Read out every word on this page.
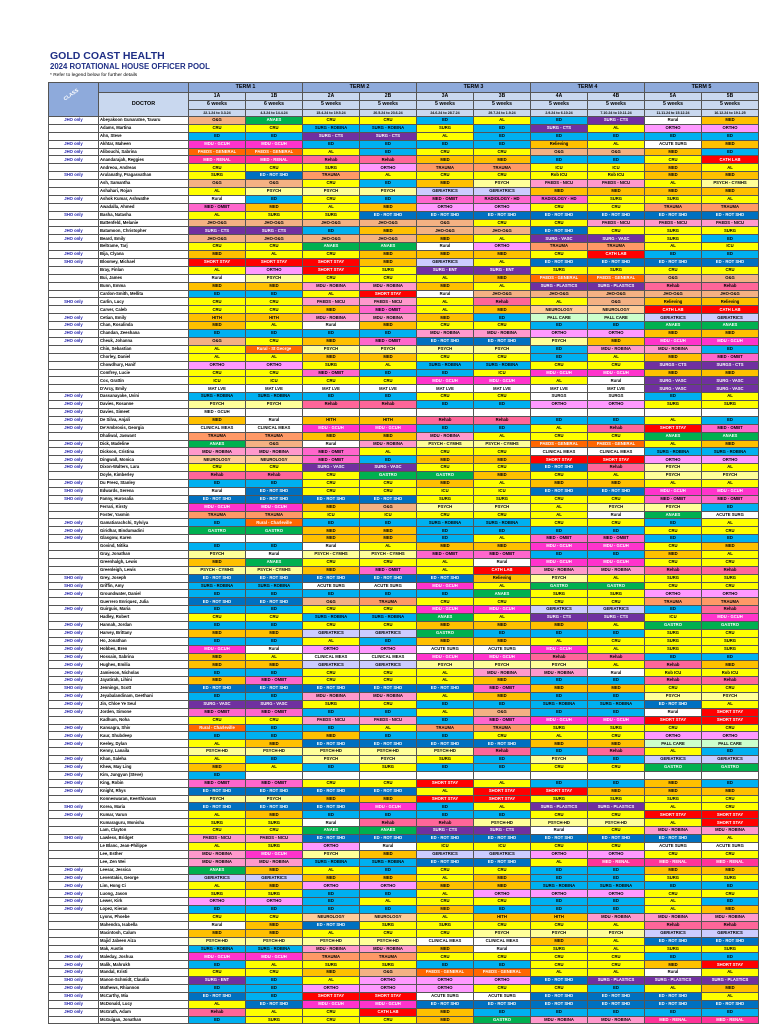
GOLD COAST HEALTH
2024 ROTATIONAL HOUSE OFFICER POOL
* Refer to legend below for further details
CLASS		TERM 1		TERM 2		TERM 3		TERM 4		TERM 5	
	DOCTOR	1A	1B	2A	2B	3A	3B	4A	4B	5A	5B
		6 weeks	6 weeks	5 weeks	5 weeks	5 weeks	5 weeks	5 weeks	5 weeks	5 weeks	5 weeks
		22.1.24 to 3.3.24	4.3.24 to 14.4.24	15.4.24 to 19.5.24	20.5.24 to 23.6.24	24.6.24 to 28.7.24	29.7.24 to 1.9.24	2.9.24 to 6.10.24	7.10.24 to 10.11.24	11.11.24 to 15.12.24	16.12.24 to 19.1.25
JHO only	Abeyakoon Gunaratne, Tavaru	O&G	ANAES	CRU	CRU	ED	AL	ED	SURG - CTS	Rural	MED
	Adams, Martina	CRU	CRU	SURG - ROBINA	SURG - ROBINA	SURG	ED	SURG - CTS	AL	ORTHO	ORTHO
	Ahn, Steve	ED	ED	SURG - CTS	SURG - CTS	AL	ED	ED	ED	ED	ED
JHO only	Akhtar, Maheen	MDU - GCUH	MDU - GCUH	ED	ED	ED	ED	Relieving	AL	ACUTE SURG	MED
JHO only	Alibouchi, Sabrina	PAEDS - GENERAL	PAEDS - GENERAL	AL	ED	CRU	CRU	O&G	O&G	MED	ED
JHO only	Anandarajah, Reggies	MED - RENAL	MED - RENAL	Rehab	Rehab	MED	MED	ED	ED	CRU	CATH LAB
	Andreou, Andreas	CRU	CRU	SURG	ORTHO	TRAUMA	TRAUMA	ICU	ICU	MED	AL
SHO only	Arulanathy, Pragasvathan	SURG	ED - ROT SHD	TRAUMA	AL	CRU	CRU	Rob ICU	Rob ICU	MED	MED
	Ash, Samantha	O&G	O&G	CRU	ED	MED	PSYCH	PAEDS - NICU	PAEDS - NICU	AL	PSYCH - CYMHS
	Ashahari, Rojan	AL	PSYCH	PSYCH	PSYCH	GERIATRICS	GERIATRICS	MED	MED	MED	MED
JHO only	Ashok Kumar, Ashwathe	Rural	ED	CRU	ED	MED - OMBT	RADIOLOGY - HD	RADIOLOGY - HD	SURG	SURG	AL
	Awadalla, Ahmed	MED - OMBT	MED	AL	MED	ORTHO	ORTHO	CRU	CRU	TRAUMA	TRAUMA
SHO only	Basha, Natasha	AL	SURG	SURG	ED - ROT SHD	ED - ROT SHD	ED - ROT SHD	ED - ROT SHD	ED - ROT SHD	ED - ROT SHD	ED - ROT SHD
	Battenfeld, Melanie	JHO-O&G	JHO-O&G	JHO-O&G	JHO-O&G	O&G	CRU	CRU	PAEDS - NICU	PAEDS - NICU	PAEDS - NICU
JHO only	Batamoon, Christopher	SURG - CTS	SURG - CTS	ED	MED	JHO-O&G	JHO-O&G	ED - ROT SHD	CRU	SURG	SURG
JHO only	Beard, Emily	JHO-O&G	JHO-O&G	JHO-O&G	JHO-O&G	MED	AL	SURG - VASC	SURG - VASC	SURG	ED
	Beltrame, Tarj	CRU	CRU	ANAES	ANAES	Rural	ORTHO	TRAUMA	TRAUMA	AL	ICU
JHO only	Bija, Clyana	MED	AL	CRU	MED	MED	MED	CRU	CATH LAB	ED	ED
SHO only	Bloomey, Michael	SHORT STAY	SHORT STAY	SHORT STAY	MED	GERIATRICS	AL	ED - ROT SHD	ED - ROT SHD	ED - ROT SHD	ED - ROT SHD
	Bray, Finlan	AL	ORTHO	SHORT STAY	SURG	SURG - ENT	SURG - ENT	SURG	SURG	CRU	CRU
	Bui, James	Rural	PSYCH	CRU	CRU	AL	MED	PAEDS - GENERAL	PAEDS - GENERAL	O&G	O&G
	Bunn, Emma	MED	MED	MDU - ROBINA	MDU - ROBINA	MED	AL	SURG - PLASTICS	SURG - PLASTICS	Rehab	Rehab
	Cardon-Smith, Mellita	ED	ED	AL	SHORT STAY	Rural	JHO-O&G	JHO-O&G	JHO-O&G	JHO-O&G	JHO-O&G
SHO only	Carlin, Lucy	CRU	CRU	PAEDS - NICU	PAEDS - NICU	AL	Rehab	AL	O&G	Relieving	Relieving
	Carver, Caleb	CRU	CRU	MED	MED - OMBT	AL	MED	NEUROLOGY	NEUROLOGY	CATH LAB	CATH LAB
JHO only	Cetian, Emily	HITH	HITH	MDU - ROBINA	MDU - ROBINA	MED	ED	PALL CARE	PALL CARE	GERIATRICS	GERIATRICS
JHO only	Chan, Rosalinda	MED	AL	Rural	MED	CRU	CRU	ED	ED	ANAES	ANAES
JHO only	Chandan, Zeeshana	ED	ED	ED	ED	MDU - ROBINA	MDU - ROBINA	ORTHO	ORTHO	MED	MED
JHO only	Cheuk, Johanna	O&G	CRU	MED	MED - OMBT	ED - ROT SHD	ED - ROT SHD	PSYCH	MED	MDU - GCUH	MDU - GCUH
	Chin, Sebastian	AL	Rural - St George	PSYCH	PSYCH	PSYCH	PSYCH	ED	MDU - ROBINA	MDU - ROBINA	ED
	Chorley, Daniel	AL	AL	MED	MED	CRU	CRU	ED	AL	MED	MED - OMBT
	Chowdhury, Hanif	ORTHO	ORTHO	SURG	AL	SURG - ROBINA	SURG - ROBINA	CRU	CRU	SURGS - CTS	SURGS - CTS
	Comfrey, Lucie	CRU	CRU	MED - OMBT	ED	ED	ICU	MDU - GCUH	MDU - GCUH	MED	MED
	Cox, Grattin	ICU	ICU	CRU	CRU	MDU - GCUH	MDU - GCUH	AL	Rural	SURG - VASC	SURG - VASC
	D'Arcy, Emily	MAT LVE	MAT LVE	MAT LVE	MAT LVE	MAT LVE	MAT LVE	MAT LVE	MAT LVE	SURG - VASC	SURG - VASC
JHO only	Dassanayake, Uvini	SURG - ROBINA	SURG - ROBINA	ED	ED	CRU	CRU	SURGS	SURGS	ED	AL
JHO only	Davies, Rosanne	PSYCH	PSYCH	Rehab	Rehab	ED	ED	ORTHO	ORTHO	SURG	SURG
JHO only	Davies, Simeet	MED - GCUH									
JHO only	De Silva, Anjali	MED	Rural	HITH	HITH	Rehab	Rehab	ED	ED	AL	ED
JHO only	De'Ambrosis, Georgia	CLINICAL MEAS	CLINICAL MEAS	MDU - GCUH	MDU - GCUH	ED	ED	AL	Rehab	SHORT STAY	MED - OMBT
	Dhaliwal, Jaswant	TRAUMA	TRAUMA	MED	MED	MDU - ROBINA	AL	CRU	CRU	ANAES	ANAES
JHO only	Dick, Madeline	ANAES	O&G	Rural	MDU - ROBINA	PSYCH - CYMHS	PSYCH - CYMHS	PAEDS - GENERAL	PAEDS - GENERAL	AL	MED
JHO only	Dickson, Cristina	MDU - ROBINA	MDU - ROBINA	MED - OMBT	AL	CRU	CRU	CLINICAL MEAS	CLINICAL MEAS	SURG - ROBINA	SURG - ROBINA
JHO only	Dingwall, Monica	NEUROLOGY	NEUROLOGY	MED - OMBT	ED	MED	MED	SHORT STAY	SHORT STAY	ORTHO	ORTHO
JHO only	Dixon-Walters, Lara	CRU	CRU	SURG - VASC	SURG - VASC	CRU	CRU	ED - ROT SHD	Rehab	PSYCH	AL
	Doyle, Kimberley	Rehab	Rehab	CRU	GASTRO	GASTRO	MED	CRU	AL	PSYCH	PSYCH
JHO only	Du Preez, Stanley	ED	ED	CRU	CRU	MED	AL	MED	MED	AL	AL
SHO only	Edwards, Serena	Rural	ED - ROT SHD	CRU	CRU	ICU	ICU	ED - ROT SHD	ED - ROT SHD	MDU - GCUH	MDU - GCUH
SHO only	Fanny, Hurosalia	ED - ROT SHD	ED - ROT SHD	ED - ROT SHD	ED - ROT SHD	SURG	SURG	CRU	CRU	MED - OMBT	MED - OMBT
	Ferrari, Kirsty	MDU - GCUH	MDU - GCUH	MED	O&G	PSYCH	PSYCH	AL	PSYCH	PSYCH	ED
	Foster, Yasmin	TRAUMA	TRAUMA	ICU	ICU	CRU	CRU	AL	Rural	ANAES	ACUTE SURG
JHO only	Gamatiarachchi, Sylviya	ED	Rural - Charleville	ED	ED	SURG - ROBINA	SURG - ROBINA	CRU	CRU	ED	AL
JHO only	Giridhar, Bindumadini	GASTRO	GASTRO	MED	MED	ED	ED	ED	ED	CRU	CRU
JHO only	Glasgow, Karen			MED	MED	ED	AL	MED - OMBT	MED - OMBT	ED	ED
	Govind, Nitika	ED	ED	Rural	AL	MED	MED	MDU - GCUH	MDU - GCUH	CRU	MED
	Gray, Jonathan	PSYCH	Rural	PSYCH - CYMHS	PSYCH - CYMHS	MED - OMBT	MED - OMBT	ED	ED	MED	AL
	Greenhalgh, Lewis	MED	ANAES	CRU	CRU	AL	Rural	MDU - GCUH	MDU - GCUH	CRU	CRU
	Greenleigh, Lewis	PSYCH - CYMHS	PSYCH - CYMHS	MED	MED - OMBT	AL	CATH LAB	MDU - ROBINA	MDU - ROBINA	Rehab	Rehab
SHO only	Grey, Joseph	ED - ROT SHD	ED - ROT SHD	ED - ROT SHD	ED - ROT SHD	ED - ROT SHD	Relieving	PSYCH	AL	SURG	SURG
SHO only	Griffin, Amy	SURG - ROBINA	SURG - ROBINA	ACUTE SURG	ACUTE SURG	MDU - GCUH	AL	GASTRO	GASTRO	CRU	CRU
JHO only	Groundwater, Daniel	ED	ED	ED	ED	ED	ANAES	SURG	SURG	ORTHO	ORTHO
	Guerrero Enriquez, Julia	ED - ROT SHD	ED - ROT SHD	O&G	TRAUMA	CRU	CRU	CRU	CRU	TRAUMA	TRAUMA
JHO only	Guirguis, Maria	ED	ED	CRU	CRU	MDU - GCUH	MDU - GCUH	GERIATRICS	GERIATRICS	ED	Rehab
	Hadley, Robert	CRU	CRU	SURG - ROBINA	SURG - ROBINA	ANAES	AL	SURG - CTS	SURG - CTS	ICU	MDU - GCUH
JHO only	Hannah, Jordan	ED	ED	CRU	CRU	MED	MED	MED	AL	GASTRO	GASTRO
JHO only	Harvey, Brittany	MED	MED	GERIATRICS	GERIATRICS	GASTRO	ED	ED	ED	SURG	CRU
JHO only	Ho, Jonathan	ED	ED	AL	ED	MED	MED	AL	CRU	SURG	SURG
JHO only	Hobbes, Bren	MDU - GCUH	Rural	ORTHO	ORTHO	ACUTE SURG	ACUTE SURG	MDU - GCUH	AL	SURG	SURG
JHO only	Hossain, Sabrina	MED	AL	CLINICAL MEAS	CLINICAL MEAS	MDU - GCUH	MDU - GCUH	Rehab	Rehab	ED	ED
JHO only	Hughes, Emilia	MED	MED	GERIATRICS	GERIATRICS	PSYCH	PSYCH	PSYCH	AL	Rehab	MED
JHO only	Jamieson, Nicholas	ED	ED	CRU	CRU	AL	MDU - ROBINA	MDU - ROBINA	Rural	Rob ICU	Rob ICU
JHO only	Jayatirah, Lihini	MED	MED - OMBT	CRU	CRU	AL	MED	ED	ED	Rehab	Rehab
SHO only	Jennings, Scott	ED - ROT SHD	ED - ROT SHD	ED - ROT SHD	ED - ROT SHD	ED - ROT SHD	MED - OMBT	MED	MED	CRU	CRU
JHO only	Jeyabalandinam, Geethani	ED	ED	MDU - ROBINA	MDU - ROBINA	AL	MED	ED	ED	PSYCH	PSYCH
JHO only	Jin, Chloe Ye Seul	SURG - VASC	SURG - VASC	SURG	CRU	ED	ED	SURG - ROBINA	SURG - ROBINA	ED - ROT SHD	AL
JHO only	Jorden, Simone	MED - OMBT	MED - OMBT	ED	ED	AL	O&G	ED	ED	Rural	SHORT STAY
	Kadhum, Noha	CRU	CRU	PAEDS - NICU	PAEDS - NICU	ED	MED - OMBT	MDU - GCUH	MDU - GCUH	SHORT STAY	SHORT STAY
JHO only	Kansagra, Shiv	Rural - Charleville	ED	ED	AL	TRAUMA	TRAUMA	SURG	SURG	CRU	CRU
JHO only	Kaur, Shubdeep	ED	ED	MED	ED	ED	CRU	AL	CRU	ORTHO	ORTHO
JHO only	Keeley, Dylan	AL	MED	ED - ROT SHD	ED - ROT SHD	ED - ROT SHD	ED - ROT SHD	MED	MED	PALL CARE	PALL CARE
	Kenny, Lanaila	PSYCH-HD	PSYCH-HD	PSYCH-HD	PSYCH-HD	PSYCH-HD	Rehab	ED	Rehab	AL	ED
JHO only	Khan, Saleha	AL	ED	PSYCH	PSYCH	SURG	ED	PSYCH	ED	GERIATRICS	GERIATRICS
JHO only	Khew, May Ling	MED	AL	ED	SURG	ED	ED	CRU	CRU	GASTRO	GASTRO
JHO only	Kim, Jungyun (Steve)	ED									
JHO only	King, Robin	MED - OMBT	MED - OMBT	CRU	CRU	SHORT STAY	AL	ED	ED	MED	ED
JHO only	Knight, Rhys	ED - ROT SHD	ED - ROT SHD	ED - ROT SHD	ED - ROT SHD	AL	SHORT STAY	SHORT STAY	MED	MED	MED
	Konneswaran, Keerthivasan	PSYCH	PSYCH	MED	MED	SHORT STAY	SHORT STAY	SURG	SURG	SURG	CRU
SHO only	Korea, Maria	ED - ROT SHD	ED - ROT SHD	ED - ROT SHD	MDU - GCUH	ED	AL	SURG - PLASTICS	SURG - PLASTICS	AL	CRU
JHO only	Kumar, Varun	AL	MED	ED	ED	ED	ED	CRU	CRU	SHORT STAY	SHORT STAY
	Kumaraguru, Monisha	SURG	SURG	Rural	Rehab	Rehab	PSYCH-HD	PSYCH-HD	PSYCH-HD	AL	SHORT STAY
	Lam, Clayton	CRU	CRU	ANAES	ANAES	SURG - CTS	SURG - CTS	Rural	CRU	MDU - ROBINA	MDU - ROBINA
SHO only	Lawless, Bridget	PAEDS - NICU	PAEDS - NICU	ED - ROT SHD	ED - ROT SHD	ED - ROT SHD	ED - ROT SHD	ED - ROT SHD	ED - ROT SHD	ED - ROT SHD	AL
	Le Blanc, Jean-Philippe	AL	SURG	ORTHO	Rural	ICU	ICU	CRU	CRU	ACUTE SURG	ACUTE SURG
	Lee, Esther	MDU - ROBINA	MDU - GCUH	PSYCH	MED	GERIATRICS	GERIATRICS	ORTHO	ORTHO	CRU	CRU
	Lee, Zen Wei	MDU - ROBINA	MDU - ROBINA	SURG - ROBINA	SURG - ROBINA	ED - ROT SHD	ED - ROT SHD	AL	MED - RENAL	MED - RENAL	MED - RENAL
JHO only	Leesar, Jessica	ANAES	MED	AL	ED	CRU	CRU	ED	ED	MED	MED
JHO only	Leventakis, George	GERIATRICS	GERIATRICS	MED	MED	AL	MED	ED	ED	SURG	SURG
JHO only	Lim, Hong Ci	AL	MED	ORTHO	ORTHO	MED	MED	SURG - ROBINA	SURG - ROBINA	ED	ED
JHO only	Luong, Jason	SURG	SURG	ED	ED	AL	ORTHO	ORTHO	ORTHO	CRU	CRU
JHO only	Lewer, Kirk	ORTHO	ORTHO	ED	AL	CRU	CRU	ED	ED	AL	ED
JHO only	Lopez, Kieran	ED	ED	ED	ED	MED	ED	ED	ED	AL	MED
	Lyons, Phoebe	CRU	CRU	NEUROLOGY	NEUROLOGY	AL	HITH	HITH	MDU - ROBINA	MDU - ROBINA	MDU - ROBINA
	Mahendra, Isabella	Rural	MED	ED - ROT SHD	SURG	SURG	CRU	CRU	AL	Rehab	Rehab
	Macintosh, Calum	MED	MED	AL	CRU	CRU	PSYCH	PSYCH	PSYCH	GERIATRICS	GERIATRICS
	Majid Jabeen Aiza	PSYCH-HD	PSYCH-HD	PSYCH-HD	PSYCH-HD	CLINICAL MEAS	CLINICAL MEAS	MED	AL	ED - ROT SHD	ED - ROT SHD
	Mak, Austin	SURG - ROBINA	SURG - ROBINA	MDU - ROBINA	MDU - ROBINA	MED	Rural	SURG	AL	SURG	SURG
JHO only	Maleday, Joshua	MDU - GCUH	MDU - GCUH	TRAUMA	TRAUMA	CRU	CRU	CRU	CRU	ED	ED
JHO only	Malik, Mahrukh	ED	AL	SURG	SURG	ED	ED	CRU	CRU	MED	SHORT STAY
JHO only	Mandal, Kristi	CRU	CRU	MED	O&G	PAEDS - GENERAL	PAEDS - GENERAL	AL	AL	Rural	AL
SHO only	Manon-Schmidt, Claudia	SURG - ENT	ED	AL	ORTHO	ORTHO	ORTHO	ED - ROT SHD	SURG - PLASTICS	SURG - PLASTICS	SURG - PLASTICS
JHO only	Mathews, Rhiannon	ED	ED	ORTHO	ORTHO	ORTHO	CRU	CRU	ED	AL	MED
SHO only	McCarthy, Mia	ED - ROT SHD	ED	SHORT STAY	SHORT STAY	ACUTE SURG	ACUTE SURG	ED - ROT SHD	ED - ROT SHD	ED - ROT SHD	AL
SHO only	McDonald, Lucy	AL	ED - ROT SHD	MDU - GCUH	MDU - GCUH	ED - ROT SHD	ED - ROT SHD	ED - ROT SHD	ED - ROT SHD	ED - ROT SHD	ED - ROT SHD
JHO only	McGrath, Adam	Rehab	AL	CRU	CATH LAB	MED	ED	ED	ED	ED	ED
	McGuigan, Jonathan	ED	SURG	CRU	CRU	MED	GASTRO	MDU - ROBINA	MDU - ROBINA	MED - RENAL	MED - RENAL
